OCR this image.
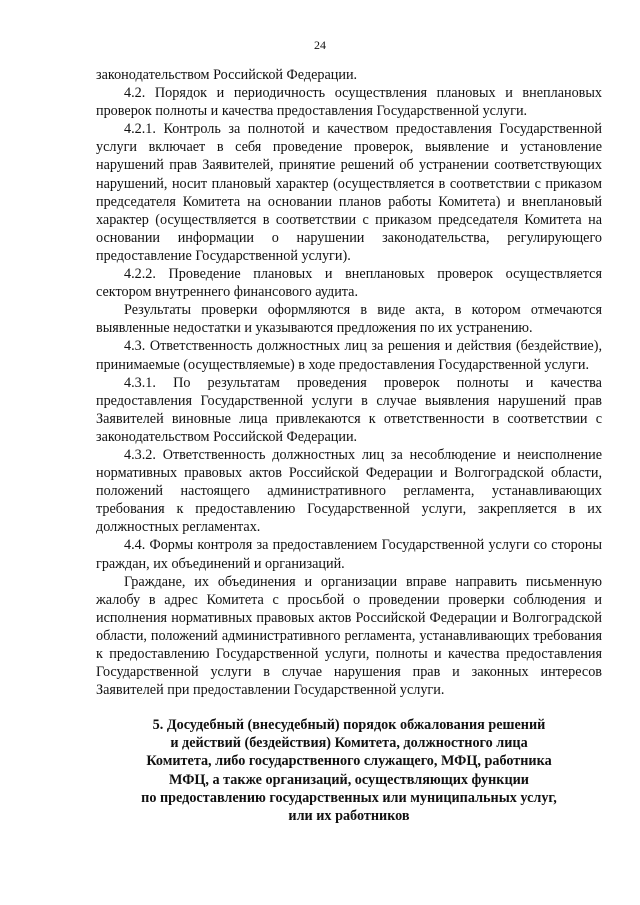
24

законодательством Российской Федерации.

4.2. Порядок и периодичность осуществления плановых и внеплановых проверок полноты и качества предоставления Государственной услуги.

4.2.1. Контроль за полнотой и качеством предоставления Государственной услуги включает в себя проведение проверок, выявление и установление нарушений прав Заявителей, принятие решений об устранении соответствующих нарушений, носит плановый характер (осуществляется в соответствии с приказом председателя Комитета на основании планов работы Комитета) и внеплановый характер (осуществляется в соответствии с приказом председателя Комитета на основании информации о нарушении законодательства, регулирующего предоставление Государственной услуги).

4.2.2. Проведение плановых и внеплановых проверок осуществляется сектором внутреннего финансового аудита.

Результаты проверки оформляются в виде акта, в котором отмечаются выявленные недостатки и указываются предложения по их устранению.

4.3. Ответственность должностных лиц за решения и действия (бездействие), принимаемые (осуществляемые) в ходе предоставления Государственной услуги.

4.3.1. По результатам проведения проверок полноты и качества предоставления Государственной услуги в случае выявления нарушений прав Заявителей виновные лица привлекаются к ответственности в соответствии с законодательством Российской Федерации.

4.3.2. Ответственность должностных лиц за несоблюдение и неисполнение нормативных правовых актов Российской Федерации и Волгоградской области, положений настоящего административного регламента, устанавливающих требования к предоставлению Государственной услуги, закрепляется в их должностных регламентах.

4.4. Формы контроля за предоставлением Государственной услуги со стороны граждан, их объединений и организаций.

Граждане, их объединения и организации вправе направить письменную жалобу в адрес Комитета с просьбой о проведении проверки соблюдения и исполнения нормативных правовых актов Российской Федерации и Волгоградской области, положений административного регламента, устанавливающих требования к предоставлению Государственной услуги, полноты и качества предоставления Государственной услуги в случае нарушения прав и законных интересов Заявителей при предоставлении Государственной услуги.

5. Досудебный (внесудебный) порядок обжалования решений
и действий (бездействия) Комитета, должностного лица
Комитета, либо государственного служащего, МФЦ, работника
МФЦ, а также организаций, осуществляющих функции
по предоставлению государственных или муниципальных услуг,
или их работников
